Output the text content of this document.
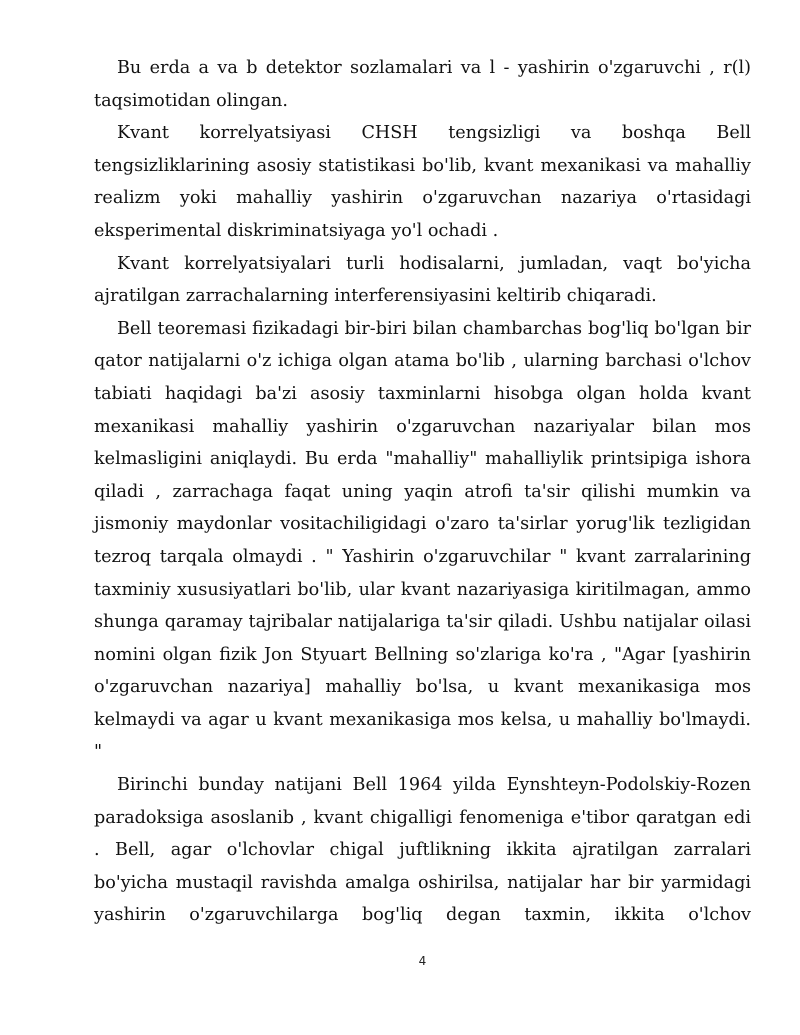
Bu erda a va b detektor sozlamalari va l - yashirin o'zgaruvchi , r(l) taqsimotidan olingan.

Kvant korrelyatsiyasi CHSH tengsizligi va boshqa Bell tengsizliklarining asosiy statistikasi bo'lib, kvant mexanikasi va mahalliy realizm yoki mahalliy yashirin o'zgaruvchan nazariya o'rtasidagi eksperimental diskriminatsiyaga yo'l ochadi .

Kvant korrelyatsiyalari turli hodisalarni, jumladan, vaqt bo'yicha ajratilgan zarrachalarning interferensiyasini keltirib chiqaradi.

Bell teoremasi fizikadagi bir-biri bilan chambarchas bog'liq bo'lgan bir qator natijalarni o'z ichiga olgan atama bo'lib , ularning barchasi o'lchov tabiati haqidagi ba'zi asosiy taxminlarni hisobga olgan holda kvant mexanikasi mahalliy yashirin o'zgaruvchan nazariyalar bilan mos kelmasligini aniqlaydi. Bu erda "mahalliy" mahalliylik printsipiga ishora qiladi , zarrachaga faqat uning yaqin atrofi ta'sir qilishi mumkin va jismoniy maydonlar vositachiligidagi o'zaro ta'sirlar yorug'lik tezligidan tezroq tarqala olmaydi . " Yashirin o'zgaruvchilar " kvant zarralarining taxminiy xususiyatlari bo'lib, ular kvant nazariyasiga kiritilmagan, ammo shunga qaramay tajribalar natijalariga ta'sir qiladi. Ushbu natijalar oilasi nomini olgan fizik Jon Styuart Bellning so'zlariga ko'ra , "Agar [yashirin o'zgaruvchan nazariya] mahalliy bo'lsa, u kvant mexanikasiga mos kelmaydi va agar u kvant mexanikasiga mos kelsa, u mahalliy bo'lmaydi. "

Birinchi bunday natijani Bell 1964 yilda Eynshteyn-Podolskiy-Rozen paradoksiga asoslanib , kvant chigalligi fenomeniga e'tibor qaratgan edi . Bell, agar o'lchovlar chigal juftlikning ikkita ajratilgan zarralari bo'yicha mustaqil ravishda amalga oshirilsa, natijalar har bir yarmidagi yashirin o'zgaruvchilarga bog'liq degan taxmin, ikkita o'lchov

4
